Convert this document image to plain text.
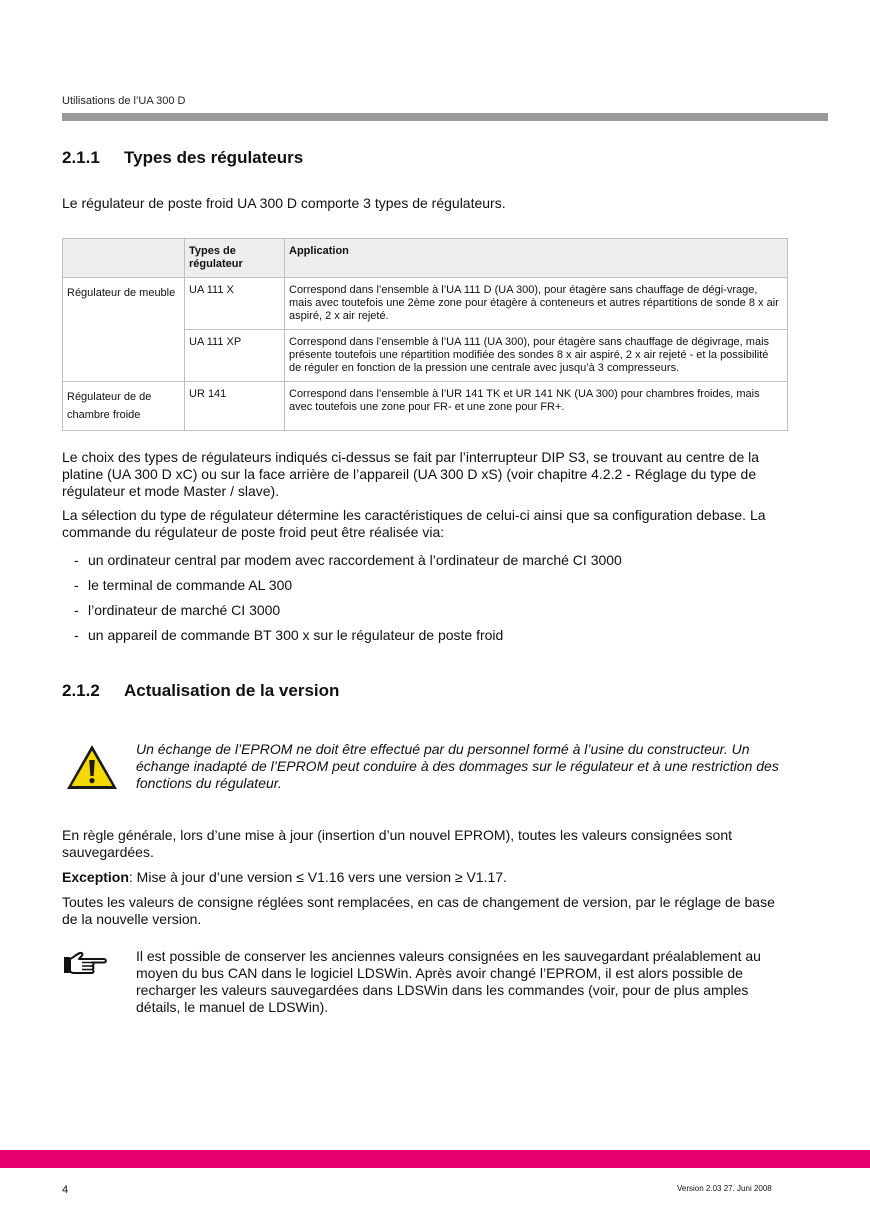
Utilisations de l’UA 300 D
2.1.1 Types des régulateurs
Le régulateur de poste froid UA 300 D comporte 3 types de régulateurs.
	Types de régulateur	Application
Régulateur de meuble	UA 111 X	Correspond dans l’ensemble à l’UA 111 D (UA 300), pour étagère sans chauffage de dégi-vrage, mais avec toutefois une 2ème zone pour étagère à conteneurs et autres répartitions de sonde 8 x air aspiré, 2 x air rejeté.
	UA 111 XP	Correspond dans l’ensemble à l’UA 111 (UA 300), pour étagère sans chauffage de dégivrage, mais présente toutefois une répartition modifiée des sondes 8 x air aspiré, 2 x air rejeté - et la possibilité de réguler en fonction de la pression une centrale avec jusqu’à 3 compresseurs.
Régulateur de de chambre froide	UR 141	Correspond dans l’ensemble à l’UR 141 TK et UR 141 NK (UA 300) pour chambres froides, mais avec toutefois une zone pour FR- et une zone pour FR+.
Le choix des types de régulateurs indiqués ci-dessus se fait par l’interrupteur DIP S3, se trouvant au centre de la platine (UA 300 D xC) ou sur la face arrière de l’appareil (UA 300 D xS) (voir chapitre 4.2.2 - Réglage du type de régulateur et mode Master / slave).
La sélection du type de régulateur détermine les caractéristiques de celui-ci ainsi que sa configuration debase. La commande du régulateur de poste froid peut être réalisée via:
- un ordinateur central par modem avec raccordement à l’ordinateur de marché CI 3000
- le terminal de commande AL 300
- l’ordinateur de marché CI 3000
- un appareil de commande BT 300 x sur le régulateur de poste froid
2.1.2 Actualisation de la version
Un échange de l’EPROM ne doit être effectué par du personnel formé à l’usine du constructeur. Un échange inadapté de l’EPROM peut conduire à des dommages sur le régulateur et à une restriction des fonctions du régulateur.
En règle générale, lors d’une mise à jour (insertion d’un nouvel EPROM), toutes les valeurs consignées sont sauvegardées.
Exception: Mise à jour d’une version ≤ V1.16 vers une version ≥ V1.17.
Toutes les valeurs de consigne réglées sont remplacées, en cas de changement de version, par le réglage de base de la nouvelle version.
Il est possible de conserver les anciennes valeurs consignées en les sauvegardant préalablement au moyen du bus CAN dans le logiciel LDSWin. Après avoir changé l’EPROM, il est alors possible de recharger les valeurs sauvegardées dans LDSWin dans les commandes (voir, pour de plus amples détails, le manuel de LDSWin).
4	Version 2.03 27. Juni 2008
